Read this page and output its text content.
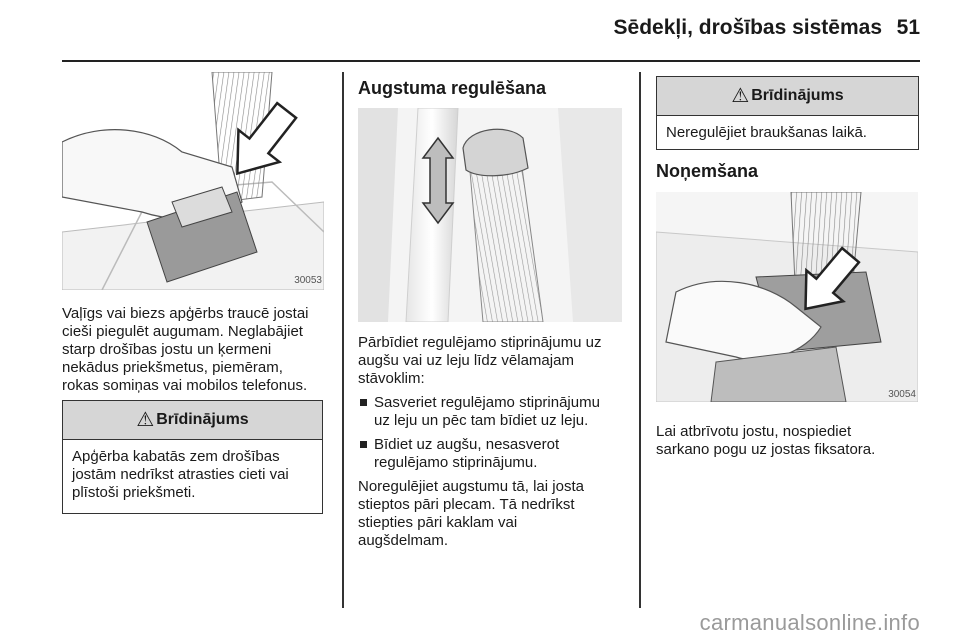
Sēdekļi, drošības sistēmas 51
30053

Vaļīgs vai biezs apģērbs traucē jostai

cieši piegulēt augumam. Neglabājiet

starp drošības jostu un ķermeni

nekādus priekšmetus, piemēram,

rokas somiņas vai mobilos telefonus.

⚠ Brīdinājums
Apģērba kabatās zem drošības
jostām nedrīkst atrasties cieti vai
plīstoši priekšmeti.
Augstuma regulēšana

Pārbīdiet regulējamo stiprinājumu uz

augšu vai uz leju līdz vēlamajam

stāvoklim:

Sasveriet regulējamo stiprinājumu
uz leju un pēc tam bīdiet uz leju.
Bīdiet uz augšu, nesasverot
regulējamo stiprinājumu.

Noregulējiet augstumu tā, lai josta

stieptos pāri plecam. Tā nedrīkst

stiepties pāri kaklam vai

augšdelmam.

⚠ Brīdinājums
Neregulējiet braukšanas laikā.
Noņemšana
30054

Lai atbrīvotu jostu, nospiediet

sarkano pogu uz jostas fiksatora.

carmanualsonline.info
